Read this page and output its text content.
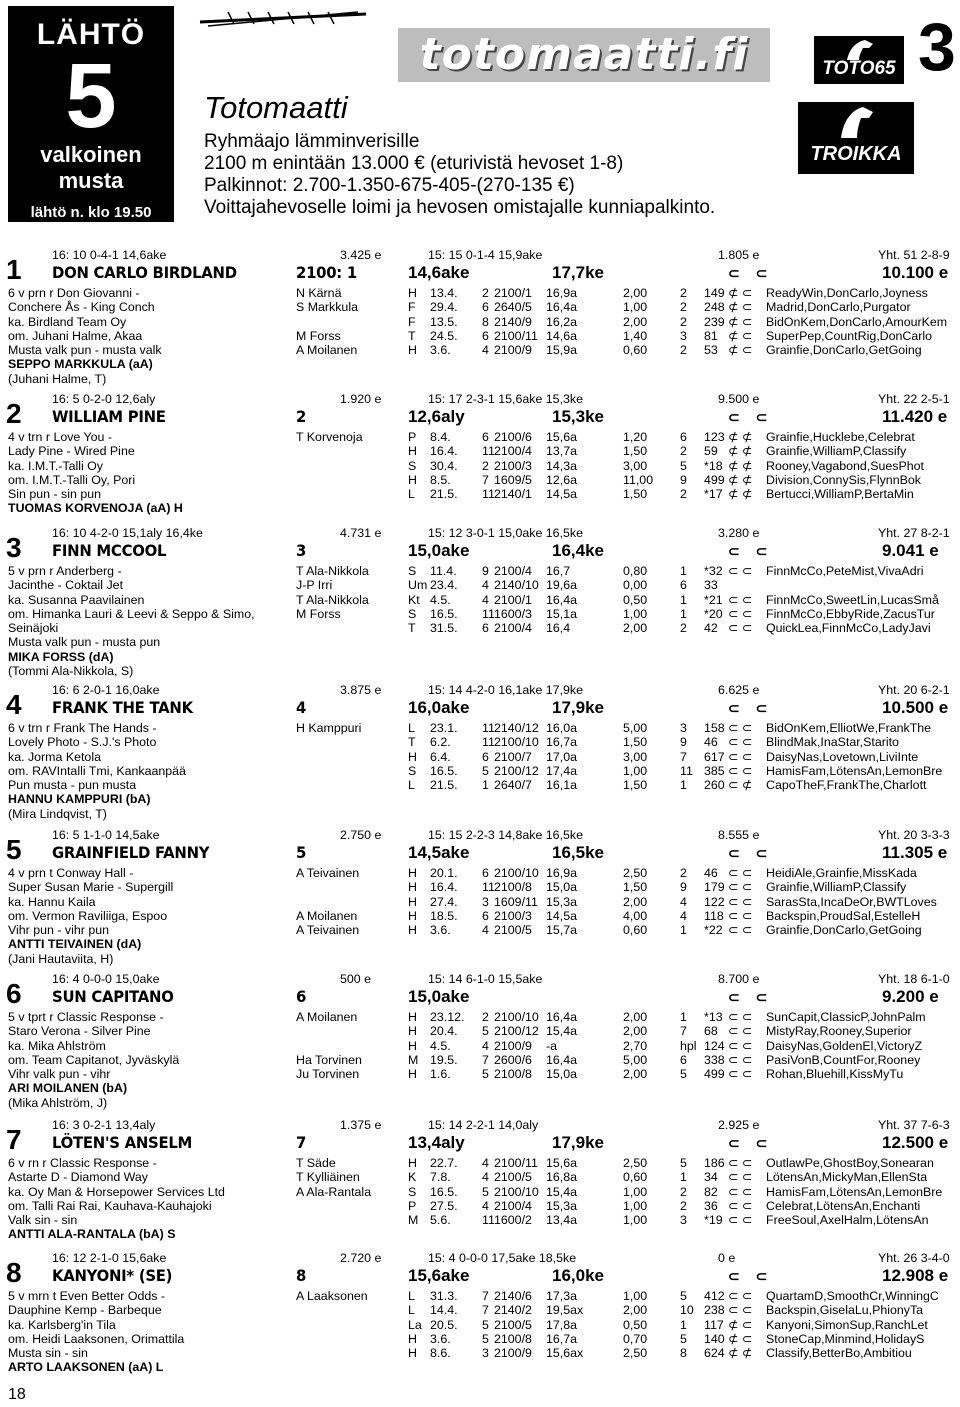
LÄHTÖ
5
valkoinen
musta
lähtö n. klo 19.50
totomaatti.fi
Totomaatti
Ryhmäajo lämminverisille
2100 m enintään 13.000 € (eturivistä hevoset 1-8)
Palkinnot: 2.700-1.350-675-405-(270-135 €)
Voittajahevoselle loimi ja hevosen omistajalle kunniapalkinto.
TOTO65
TROIKKA
3
1 16: 10 0-4-1 14,6ake	3.425 e	15: 15 0-1-4 15,9ake	1.805 e	Yht. 51 2-8-9
DON CARLO BIRDLAND	2100: 1	14,6ake	17,7ke	10.100 e
⊂ ⊂
6 v prn r Don Giovanni -
Conchere Ås - King Conch
ka. Birdland Team Oy
om. Juhani Halme, Akaa
Musta valk pun - musta valk
SEPPO MARKKULA (aA)
(Juhani Halme, T)
N Kärnä	H 13.4. 2 2100/1 16,9a	2,00	2	149 ⊄ ⊂ ReadyWin,DonCarlo,Joyness
S Markkula	F 29.4. 6 2640/5 16,4a	1,00	2	248 ⊄ ⊂ Madrid,DonCarlo,Purgator
F 13.5. 8 2140/9 16,2a	2,00	2	239 ⊄ ⊂ BidOnKem,DonCarlo,AmourKem
M Forss	T 24.5. 6 2100/11 14,6a	1,40	3	81 ⊄ ⊂ SuperPep,CountRig,DonCarlo
A Moilanen	H 3.6.	4 2100/9 15,9a	0,60	2	53 ⊄ ⊂ Grainfie,DonCarlo,GetGoing
2 16: 5 0-2-0 12,6aly	1.920 e	15: 17 2-3-1 15,6ake 15,3ke	9.500 e	Yht. 22 2-5-1
WILLIAM PINE	2	12,6aly	15,3ke	11.420 e
⊂ ⊂
4 v trn r Love You -
Lady Pine - Wired Pine
ka. I.M.T.-Talli Oy
om. I.M.T.-Talli Oy, Pori
Sin pun - sin pun
TUOMAS KORVENOJA (aA) H
T Korvenoja	P 8.4.	6 2100/6 15,6a	1,20	6	123 ⊄ ⊄ Grainfie,Hucklebe,Celebrat
H 16.4. 11 2100/4 13,7a	1,50	2	59 ⊄ ⊄ Grainfie,WilliamP,Classify
S 30.4. 2 2100/3 14,3a	3,00	5	*18 ⊄ ⊄ Rooney,Vagabond,SuesPhot
H 8.5.	7 1609/5 12,6a	11,00	9	499 ⊄ ⊄ Division,ConnySis,FlynnBok
L 21.5. 11 2140/1 14,5a	1,50	2	*17 ⊄ ⊄ Bertucci,WilliamP,BertaMin
3 16: 10 4-2-0 15,1aly 16,4ke	4.731 e	15: 12 3-0-1 15,0ake 16,5ke	3.280 e	Yht. 27 8-2-1
FINN MCCOOL	3	15,0ake	16,4ke	9.041 e
⊂ ⊂
5 v prn r Anderberg -
Jacinthe - Coktail Jet
ka. Susanna Paavilainen
om. Himanka Lauri & Leevi & Seppo & Simo,
Seinäjoki
Musta valk pun - musta pun
MIKA FORSS (dA)
(Tommi Ala-Nikkola, S)
T Ala-Nikkola	S 11.4. 9 2100/4 16,7	0,80	1	*32 ⊂ ⊂ FinnMcCo,PeteMist,VivaAdri
J-P Irri	Um 23.4. 4 2140/10 19,6a	0,00	6	33
T Ala-Nikkola	Kt 4.5.	4 2100/1 16,4a	0,50	1	*21 ⊂ ⊂ FinnMcCo,SweetLin,LucasSmå
M Forss	S 16.5. 11 1600/3 15,1a	1,00	1	*20 ⊂ ⊂ FinnMcCo,EbbyRide,ZacusTur
T 31.5. 6 2100/4 16,4	2,00	2	42 ⊂ ⊂ QuickLea,FinnMcCo,LadyJavi
4 16: 6 2-0-1 16,0ake	3.875 e	15: 14 4-2-0 16,1ake 17,9ke	6.625 e	Yht. 20 6-2-1
FRANK THE TANK	4	16,0ake	17,9ke	10.500 e
⊂ ⊂
6 v trn r Frank The Hands -
Lovely Photo - S.J.'s Photo
ka. Jorma Ketola
om. RAVIntalli Tmi, Kankaanpää
Pun musta - pun musta
HANNU KAMPPURI (bA)
(Mira Lindqvist, T)
H Kamppuri	L 23.1. 11 2140/12 16,0a	5,00	3	158 ⊂ ⊂ BidOnKem,ElliotWe,FrankThe
T 6.2.	11 2100/10 16,7a	1,50	9	46 ⊂ ⊂ BlindMak,InaStar,Starito
H 6.4.	6 2100/7 17,0a	3,00	7	617 ⊂ ⊂ DaisyNas,Lovetown,LiviInte
S 16.5. 5 2100/12 17,4a	1,00	11 385 ⊂ ⊂ HamisFam,LötensAn,LemonBre
L 21.5. 1 2640/7 16,1a	1,50	1	260 ⊂ ⊄ CapoTheF,FrankThe,Charlott
5 16: 5 1-1-0 14,5ake	2.750 e	15: 15 2-2-3 14,8ake 16,5ke	8.555 e	Yht. 20 3-3-3
GRAINFIELD FANNY	5	14,5ake	16,5ke	11.305 e
⊂ ⊂
4 v prn t Conway Hall -
Super Susan Marie - Supergill
ka. Hannu Kaila
om. Vermon Raviliiga, Espoo
Vihr pun - vihr pun
ANTTI TEIVAINEN (dA)
(Jani Hautaviita, H)
A Teivainen	H 20.1. 6 2100/10 16,9a	2,50	2	46 ⊂ ⊂ HeidiAle,Grainfie,MissKada
H 16.4. 11 2100/8 15,0a	1,50	9	179 ⊂ ⊂ Grainfie,WilliamP,Classify
H 27.4. 3 1609/11 15,3a	2,00	4	122 ⊂ ⊂ SarasSta,IncaDeOr,BWTLoves
A Moilanen	H 18.5. 6 2100/3 14,5a	4,00	4	118 ⊂ ⊂ Backspin,ProudSal,EstelleH
A Teivainen	H 3.6.	4 2100/5 15,7a	0,60	1	*22 ⊂ ⊂ Grainfie,DonCarlo,GetGoing
6 16: 4 0-0-0 15,0ake	500 e	15: 14 6-1-0 15,5ake	8.700 e	Yht. 18 6-1-0
SUN CAPITANO	6	15,0ake	9.200 e
⊂ ⊂
5 v tprt r Classic Response -
Staro Verona - Silver Pine
ka. Mika Ahlström
om. Team Capitanot, Jyväskylä
Vihr valk pun - vihr
ARI MOILANEN (bA)
(Mika Ahlström, J)
A Moilanen	H 23.12. 2 2100/10 16,4a	2,00	1	*13 ⊂ ⊂ SunCapit,ClassicP,JohnPalm
H 20.4. 5 2100/12 15,4a	2,00	7	68 ⊂ ⊂ MistyRay,Rooney,Superior
H 4.5.	4 2100/9 -a	2,70	hpl 124 ⊂ ⊂ DaisyNas,GoldenEl,VictoryZ
Ha Torvinen	M 19.5. 7 2600/6 16,4a	5,00	6	338 ⊂ ⊂ PasiVonB,CountFor,Rooney
Ju Torvinen	H 1.6.	5 2100/8 15,0a	2,00	5	499 ⊂ ⊂ Rohan,Bluehill,KissMyTu
7 16: 3 0-2-1 13,4aly	1.375 e	15: 14 2-2-1 14,0aly	2.925 e	Yht. 37 7-6-3
LÖTEN'S ANSELM	7	13,4aly	17,9ke	12.500 e
⊂ ⊂
6 v rn r Classic Response -
Astarte D - Diamond Way
ka. Oy Man & Horsepower Services Ltd
om. Talli Rai Rai, Kauhava-Kauhajoki
Valk sin - sin
ANTTI ALA-RANTALA (bA) S
T Säde	H 22.7. 4 2100/11 15,6a	2,50	5	186 ⊂ ⊂ OutlawPe,GhostBoy,Sonearan
T Kylliäinen	K 7.8.	4 2100/5 16,8a	0,60	1	34 ⊂ ⊂ LötensAn,MickyMan,EllenSta
A Ala-Rantala	S 16.5. 5 2100/10 15,4a	1,00	2	82 ⊂ ⊂ HamisFam,LötensAn,LemonBre
P 27.5. 4 2100/4 15,3a	1,00	2	36 ⊂ ⊂ Celebrat,LötensAn,Enchanti
M 5.6.	11 1600/2 13,4a	1,00	3	*19 ⊂ ⊂ FreeSoul,AxelHalm,LötensAn
8 16: 12 2-1-0 15,6ake	2.720 e	15: 4 0-0-0 17,5ake 18,5ke	0 e	Yht. 26 3-4-0
KANYONI* (SE)	8	15,6ake	16,0ke	12.908 e
⊂ ⊂
5 v mrn t Even Better Odds -
Dauphine Kemp - Barbeque
ka. Karlsberg'in Tila
om. Heidi Laaksonen, Orimattila
Musta sin - sin
ARTO LAAKSONEN (aA) L
A Laaksonen	L 31.3. 7 2140/6 17,3a	1,00	5	412 ⊂ ⊂ QuartamD,SmoothCr,WinningC
L 14.4. 7 2140/2 19,5ax	2,00	10 238 ⊂ ⊂ Backspin,GiselaLu,PhionyTa
La 20.5. 5 2100/5 17,8a	0,50	1	117 ⊄ ⊂ Kanyoni,SimonSup,RanchLet
H 3.6.	5 2100/8 16,7a	0,70	5	140 ⊄ ⊂ StoneCap,Minmind,HolidayS
H 8.6.	3 2100/9 15,6ax	2,50	8	624 ⊄ ⊄ Classify,BetterBo,Ambitiou
18
